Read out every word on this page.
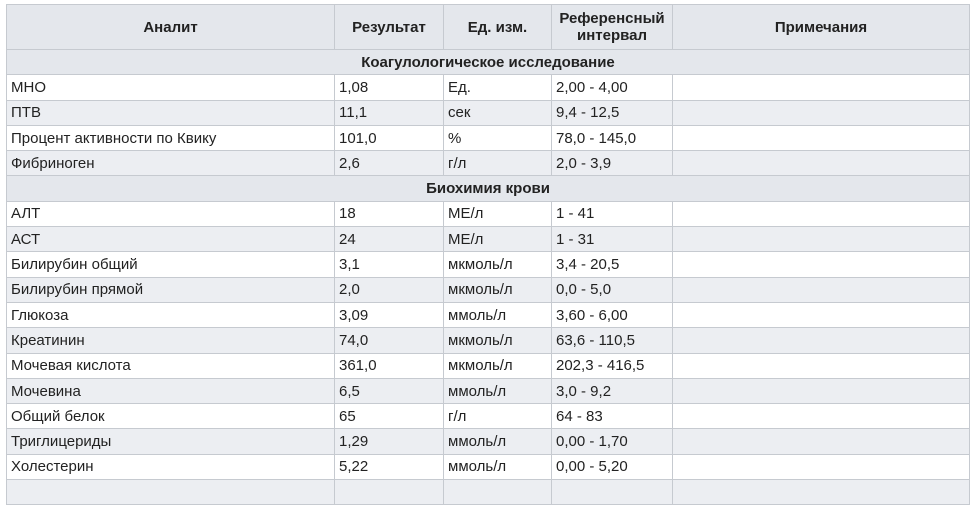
Аналит	Результат	Ед. изм.	Референсный интервал	Примечания
Коагулологическое исследование				
МНО	1,08	Ед.	2,00 - 4,00	
ПТВ	11,1	сек	9,4 - 12,5	
Процент активности по Квику	101,0	%	78,0 - 145,0	
Фибриноген	2,6	г/л	2,0 - 3,9	
Биохимия крови				
АЛТ	18	МЕ/л	1 - 41	
АСТ	24	МЕ/л	1 - 31	
Билирубин общий	3,1	мкмоль/л	3,4 - 20,5	
Билирубин прямой	2,0	мкмоль/л	0,0 - 5,0	
Глюкоза	3,09	ммоль/л	3,60 - 6,00	
Креатинин	74,0	мкмоль/л	63,6 - 110,5	
Мочевая кислота	361,0	мкмоль/л	202,3 - 416,5	
Мочевина	6,5	ммоль/л	3,0 - 9,2	
Общий белок	65	г/л	64 - 83	
Триглицериды	1,29	ммоль/л	0,00 - 1,70	
Холестерин	5,22	ммоль/л	0,00 - 5,20	
